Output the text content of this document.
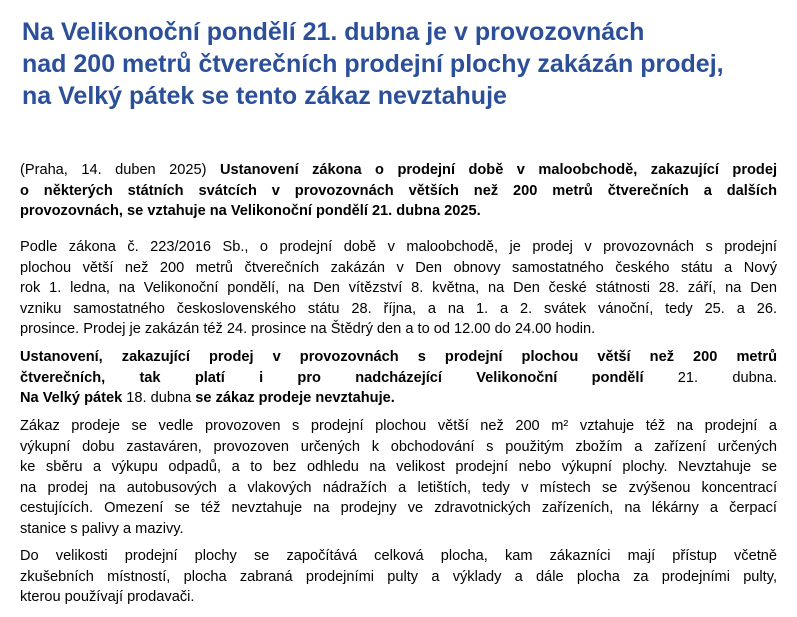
Na Velikonoční pondělí 21. dubna je v provozovnách
nad 200 metrů čtverečních prodejní plochy zakázán prodej,
na Velký pátek se tento zákaz nevztahuje

(Praha, 14. duben 2025) Ustanovení zákona o prodejní době v maloobchodě, zakazující prodej
o některých státních svátcích v provozovnách větších než 200 metrů čtverečních a dalších
provozovnách, se vztahuje na Velikonoční pondělí 21. dubna 2025.

Podle zákona č. 223/2016 Sb., o prodejní době v maloobchodě, je prodej v provozovnách s prodejní
plochou větší než 200 metrů čtverečních zakázán v Den obnovy samostatného českého státu a Nový
rok 1. ledna, na Velikonoční pondělí, na Den vítězství 8. května, na Den české státnosti 28. září, na Den
vzniku samostatného československého státu 28. října, a na 1. a 2. svátek vánoční, tedy 25. a 26.
prosince. Prodej je zakázán též 24. prosince na Štědrý den a to od 12.00 do 24.00 hodin.

Ustanovení, zakazující prodej v provozovnách s prodejní plochou větší než 200 metrů
čtverečních, tak platí i pro nadcházející Velikonoční pondělí 21. dubna.
Na Velký pátek 18. dubna se zákaz prodeje nevztahuje.

Zákaz prodeje se vedle provozoven s prodejní plochou větší než 200 m² vztahuje též na prodejní a
výkupní dobu zastaváren, provozoven určených k obchodování s použitým zbožím a zařízení určených
ke sběru a výkupu odpadů, a to bez odhledu na velikost prodejní nebo výkupní plochy. Nevztahuje se
na prodej na autobusových a vlakových nádražích a letištích, tedy v místech se zvýšenou koncentrací
cestujících. Omezení se též nevztahuje na prodejny ve zdravotnických zařízeních, na lékárny a čerpací
stanice s palivy a mazivy.

Do velikosti prodejní plochy se započítává celková plocha, kam zákazníci mají přístup včetně
zkušebních místností, plocha zabraná prodejními pulty a výklady a dále plocha za prodejními pulty,
kterou používají prodavači.
